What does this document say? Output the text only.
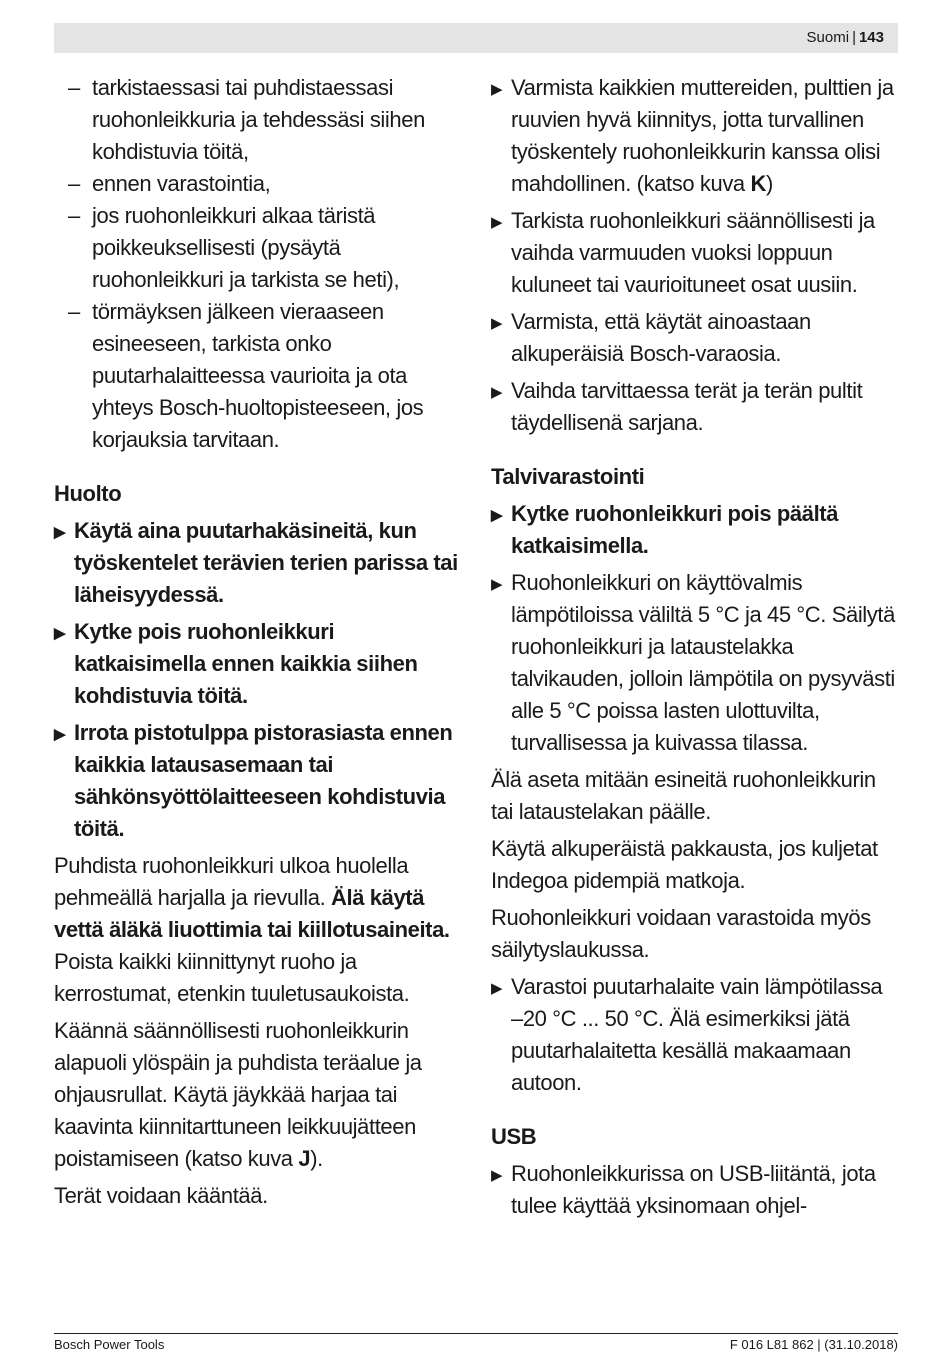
Suomi | 143
– tarkistaessasi tai puhdistaessasi ruohonleikkuria ja tehdessäsi siihen kohdistuvia töitä,
– ennen varastointia,
– jos ruohonleikkuri alkaa täristä poikkeuksellisesti (pysäytä ruohonleikkuri ja tarkista se heti),
– törmäyksen jälkeen vieraaseen esineeseen, tarkista onko puutarhalaitteessa vaurioita ja ota yhteys Bosch-huoltopisteeseen, jos korjauksia tarvitaan.
Huolto
▶ Käytä aina puutarhakäsineitä, kun työskentelet terävien terien parissa tai läheisyydessä.
▶ Kytke pois ruohonleikkuri katkaisimella ennen kaikkia siihen kohdistuvia töitä.
▶ Irrota pistotulppa pistorasiasta ennen kaikkia latausasemaan tai sähkönsyöttölaitteeseen kohdistuvia töitä.

Puhdista ruohonleikkuri ulkoa huolella pehmeällä harjalla ja rievulla. Älä käytä vettä äläkä liuottimia tai kiillotusaineita. Poista kaikki kiinnittynyt ruoho ja kerrostumat, etenkin tuuletusaukoista.

Käännä säännöllisesti ruohonleikkurin alapuoli ylöspäin ja puhdista teräalue ja ohjausrullat. Käytä jäykkää harjaa tai kaavinta kiinnitarttuneen leikkuujätteen poistamiseen (katso kuva J).

Terät voidaan kääntää.

▶ Varmista kaikkien muttereiden, pulttien ja ruuvien hyvä kiinnitys, jotta turvallinen työskentely ruohonleikkurin kanssa olisi mahdollinen. (katso kuva K)
▶ Tarkista ruohonleikkuri säännöllisesti ja vaihda varmuuden vuoksi loppuun kuluneet tai vaurioituneet osat uusiin.
▶ Varmista, että käytät ainoastaan alkuperäisiä Bosch-varaosia.
▶ Vaihda tarvittaessa terät ja terän pultit täydellisenä sarjana.
Talvivarastointi
▶ Kytke ruohonleikkuri pois päältä katkaisimella.
▶ Ruohonleikkuri on käyttövalmis lämpötiloissa väliltä 5 °C ja 45 °C. Säilytä ruohonleikkuri ja lataustelakka talvikauden, jolloin lämpötila on pysyvästi alle 5 °C poissa lasten ulottuvilta, turvallisessa ja kuivassa tilassa.

Älä aseta mitään esineitä ruohonleikkurin tai lataustelakan päälle.

Käytä alkuperäistä pakkausta, jos kuljetat Indegoa pidempiä matkoja.

Ruohonleikkuri voidaan varastoida myös säilytyslaukussa.

▶ Varastoi puutarhalaite vain lämpötilassa –20 °C ... 50 °C. Älä esimerkiksi jätä puutarhalaitetta kesällä makaamaan autoon.
USB
▶ Ruohonleikkurissa on USB-liitäntä, jota tulee käyttää yksinomaan ohjel-
Bosch Power Tools	F 016 L81 862 | (31.10.2018)
